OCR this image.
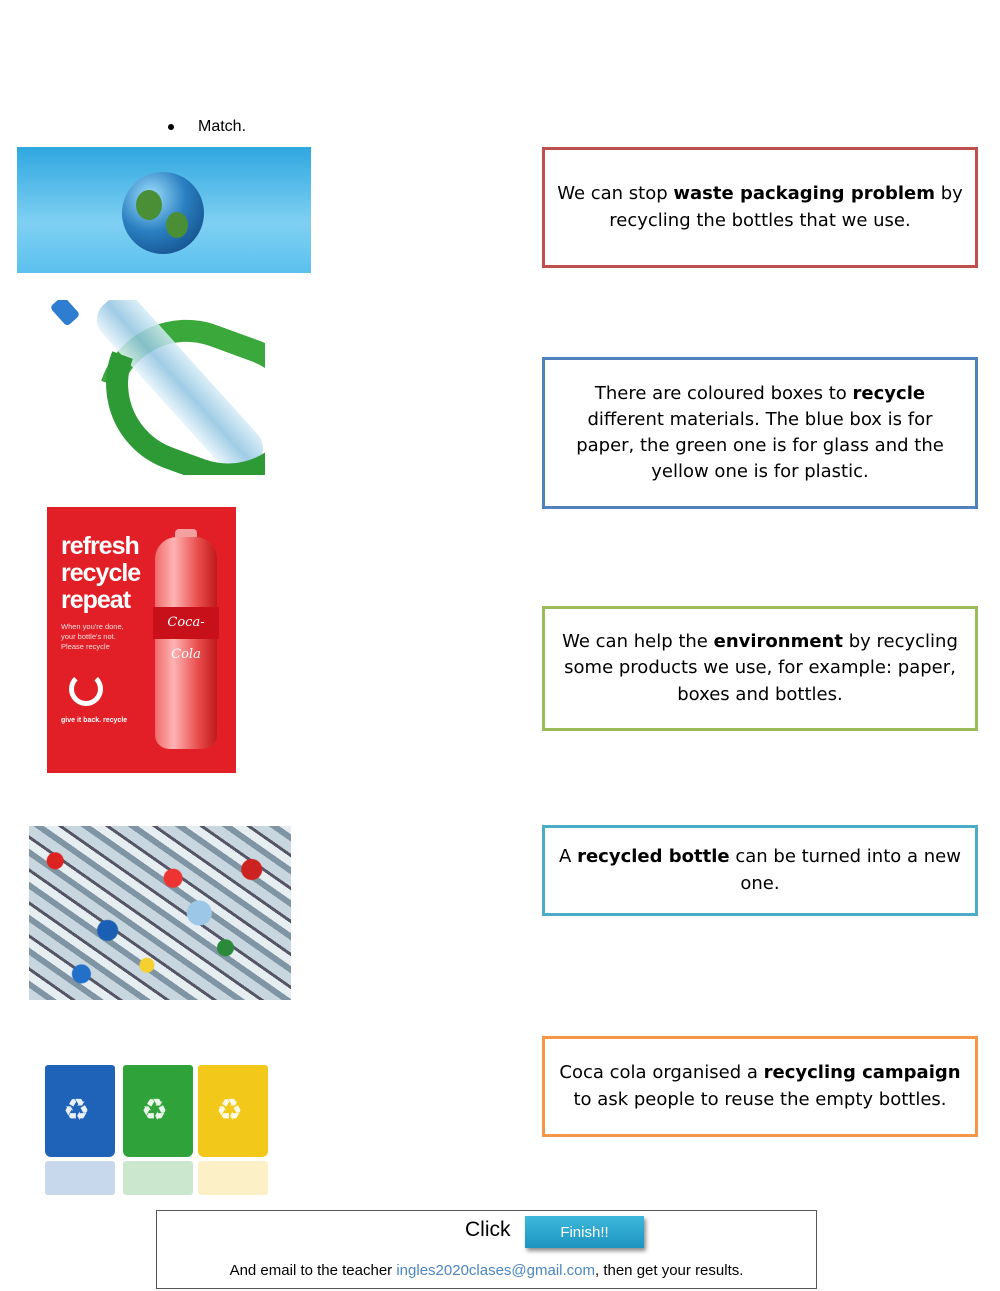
Match.
refresh recycle repeat
When you're done, your bottle's not. Please recycle
give it back. recycle
Coca-Cola
♻ ♻ ♻
We can stop waste packaging problem by recycling the bottles that we use.
There are coloured boxes to recycle different materials. The blue box is for paper, the green one is for glass and the yellow one is for plastic.
We can help the environment by recycling some products we use, for example: paper, boxes and bottles.
A recycled bottle can be turned into a new one.
Coca cola organised a recycling campaign to ask people to reuse the empty bottles.
Click	Finish!!
And email to the teacher ingles2020clases@gmail.com, then get your results.
